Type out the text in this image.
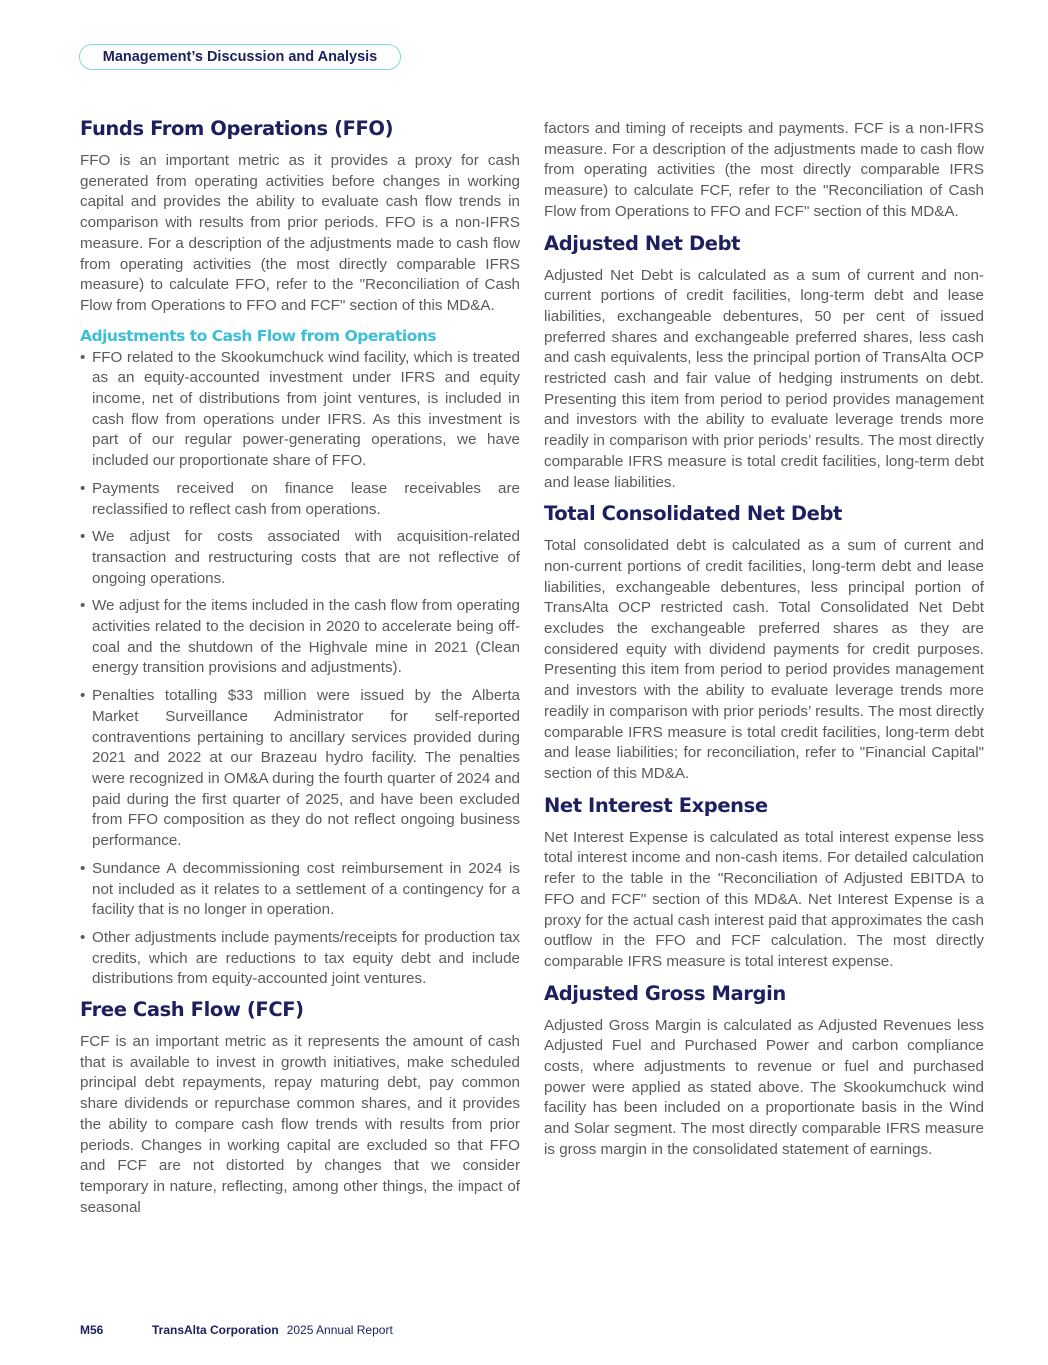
Management’s Discussion and Analysis
Funds From Operations (FFO)

FFO is an important metric as it provides a proxy for cash generated from operating activities before changes in working capital and provides the ability to evaluate cash flow trends in comparison with results from prior periods. FFO is a non-IFRS measure. For a description of the adjustments made to cash flow from operating activities (the most directly comparable IFRS measure) to calculate FFO, refer to the "Reconciliation of Cash Flow from Operations to FFO and FCF" section of this MD&A.

Adjustments to Cash Flow from Operations
• FFO related to the Skookumchuck wind facility, which is treated as an equity-accounted investment under IFRS and equity income, net of distributions from joint ventures, is included in cash flow from operations under IFRS. As this investment is part of our regular power-generating operations, we have included our proportionate share of FFO.
• Payments received on finance lease receivables are reclassified to reflect cash from operations.
• We adjust for costs associated with acquisition-related transaction and restructuring costs that are not reflective of ongoing operations.
• We adjust for the items included in the cash flow from operating activities related to the decision in 2020 to accelerate being off-coal and the shutdown of the Highvale mine in 2021 (Clean energy transition provisions and adjustments).
• Penalties totalling $33 million were issued by the Alberta Market Surveillance Administrator for self-reported contraventions pertaining to ancillary services provided during 2021 and 2022 at our Brazeau hydro facility. The penalties were recognized in OM&A during the fourth quarter of 2024 and paid during the first quarter of 2025, and have been excluded from FFO composition as they do not reflect ongoing business performance.
• Sundance A decommissioning cost reimbursement in 2024 is not included as it relates to a settlement of a contingency for a facility that is no longer in operation.
• Other adjustments include payments/receipts for production tax credits, which are reductions to tax equity debt and include distributions from equity-accounted joint ventures.
Free Cash Flow (FCF)

FCF is an important metric as it represents the amount of cash that is available to invest in growth initiatives, make scheduled principal debt repayments, repay maturing debt, pay common share dividends or repurchase common shares, and it provides the ability to compare cash flow trends with results from prior periods. Changes in working capital are excluded so that FFO and FCF are not distorted by changes that we consider temporary in nature, reflecting, among other things, the impact of seasonal

factors and timing of receipts and payments. FCF is a non-IFRS measure. For a description of the adjustments made to cash flow from operating activities (the most directly comparable IFRS measure) to calculate FCF, refer to the "Reconciliation of Cash Flow from Operations to FFO and FCF" section of this MD&A.

Adjusted Net Debt

Adjusted Net Debt is calculated as a sum of current and non-current portions of credit facilities, long-term debt and lease liabilities, exchangeable debentures, 50 per cent of issued preferred shares and exchangeable preferred shares, less cash and cash equivalents, less the principal portion of TransAlta OCP restricted cash and fair value of hedging instruments on debt. Presenting this item from period to period provides management and investors with the ability to evaluate leverage trends more readily in comparison with prior periods’ results. The most directly comparable IFRS measure is total credit facilities, long-term debt and lease liabilities.

Total Consolidated Net Debt

Total consolidated debt is calculated as a sum of current and non-current portions of credit facilities, long-term debt and lease liabilities, exchangeable debentures, less principal portion of TransAlta OCP restricted cash. Total Consolidated Net Debt excludes the exchangeable preferred shares as they are considered equity with dividend payments for credit purposes. Presenting this item from period to period provides management and investors with the ability to evaluate leverage trends more readily in comparison with prior periods’ results. The most directly comparable IFRS measure is total credit facilities, long-term debt and lease liabilities; for reconciliation, refer to "Financial Capital" section of this MD&A.

Net Interest Expense

Net Interest Expense is calculated as total interest expense less total interest income and non-cash items. For detailed calculation refer to the table in the "Reconciliation of Adjusted EBITDA to FFO and FCF" section of this MD&A. Net Interest Expense is a proxy for the actual cash interest paid that approximates the cash outflow in the FFO and FCF calculation. The most directly comparable IFRS measure is total interest expense.

Adjusted Gross Margin

Adjusted Gross Margin is calculated as Adjusted Revenues less Adjusted Fuel and Purchased Power and carbon compliance costs, where adjustments to revenue or fuel and purchased power were applied as stated above. The Skookumchuck wind facility has been included on a proportionate basis in the Wind and Solar segment. The most directly comparable IFRS measure is gross margin in the consolidated statement of earnings.

M56	TransAlta Corporation 2025 Annual Report
